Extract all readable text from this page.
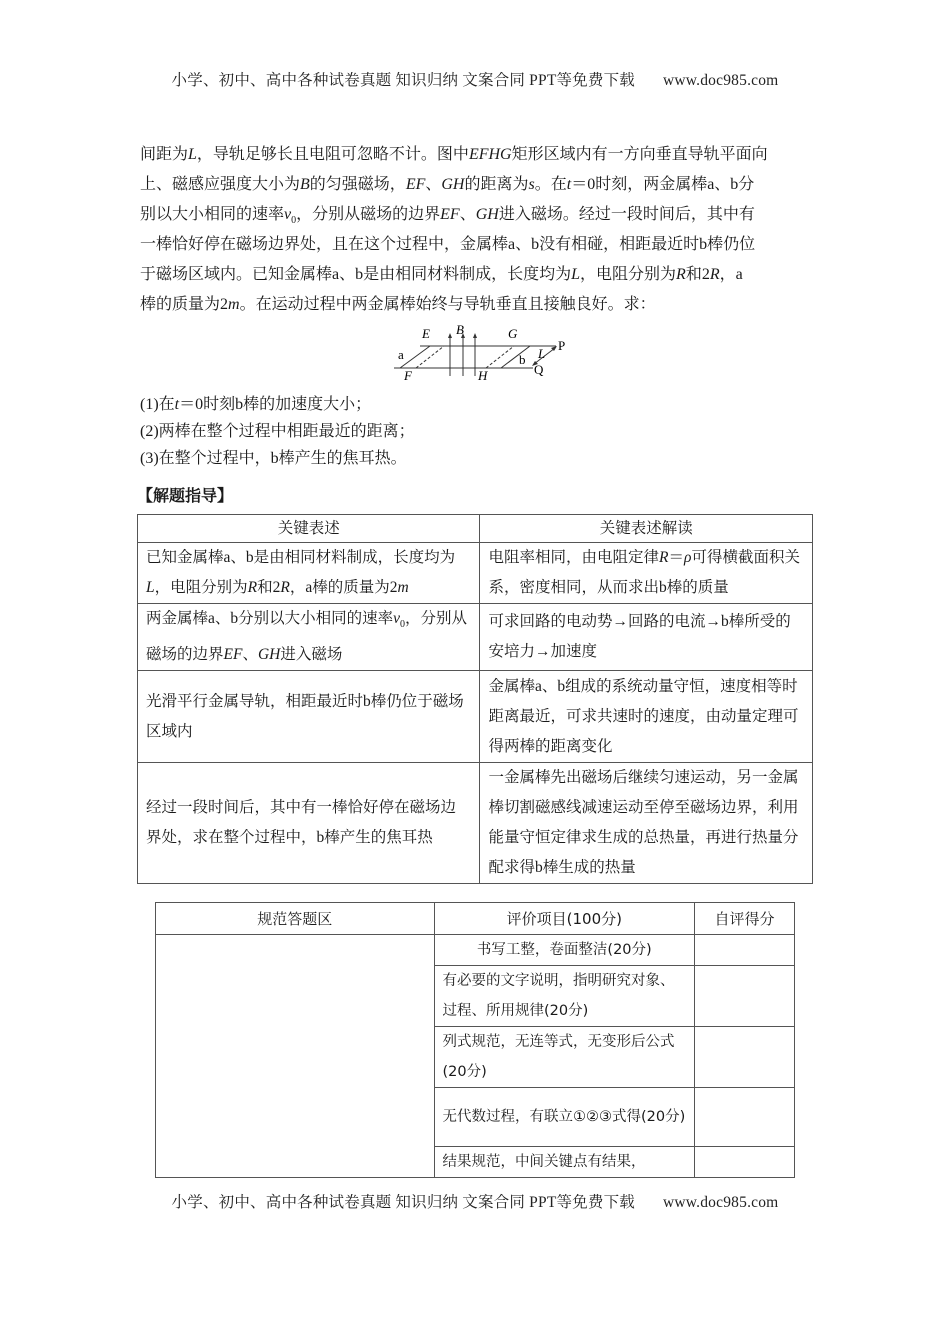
小学、初中、高中各种试卷真题 知识归纳 文案合同 PPT等免费下载 www.doc985.com
间距为L，导轨足够长且电阻可忽略不计。图中EFHG矩形区域内有一方向垂直导轨平面向
上、磁感应强度大小为B的匀强磁场，EF、GH的距离为s。在t＝0时刻，两金属棒a、b分
别以大小相同的速率$v_0$，分别从磁场的边界EF、GH进入磁场。经过一段时间后，其中有
一棒恰好停在磁场边界处，且在这个过程中，金属棒a、b没有相碰，相距最近时b棒仍位
于磁场区域内。已知金属棒a、b是由相同材料制成，长度均为L，电阻分别为R和2R，a
棒的质量为2m。在运动过程中两金属棒始终与导轨垂直且接触良好。求：
E B	G
P
a	b L
Q
F	H
(1)在t＝0时刻b棒的加速度大小；
(2)两棒在整个过程中相距最近的距离；
(3)在整个过程中，b棒产生的焦耳热。
【解题指导】
关键表述	关键表述解读
已知金属棒a、b是由相同材料制成，长度均为L，电阻分别为R和2R，a棒的质量为2m	电阻率相同，由电阻定律R＝ρ可得横截面积关系，密度相同，从而求出b棒的质量
两金属棒a、b分别以大小相同的速率$v_0$，分别从磁场的边界EF、GH进入磁场	可求回路的电动势→回路的电流→b棒所受的安培力→加速度
光滑平行金属导轨，相距最近时b棒仍位于磁场区域内	金属棒a、b组成的系统动量守恒，速度相等时距离最近，可求共速时的速度，由动量定理可得两棒的距离变化
经过一段时间后，其中有一棒恰好停在磁场边界处，求在整个过程中，b棒产生的焦耳热	一金属棒先出磁场后继续匀速运动，另一金属棒切割磁感线减速运动至停至磁场边界，利用能量守恒定律求生成的总热量，再进行热量分配求得b棒生成的热量
规范答题区	评价项目(100分)	自评得分
	书写工整，卷面整洁(20分)	
	有必要的文字说明，指明研究对象、过程、所用规律(20分)	
	列式规范，无连等式，无变形后公式(20分)	
	无代数过程，有联立①②③式得(20分)	
	结果规范，中间关键点有结果，	
小学、初中、高中各种试卷真题 知识归纳 文案合同 PPT等免费下载 www.doc985.com
